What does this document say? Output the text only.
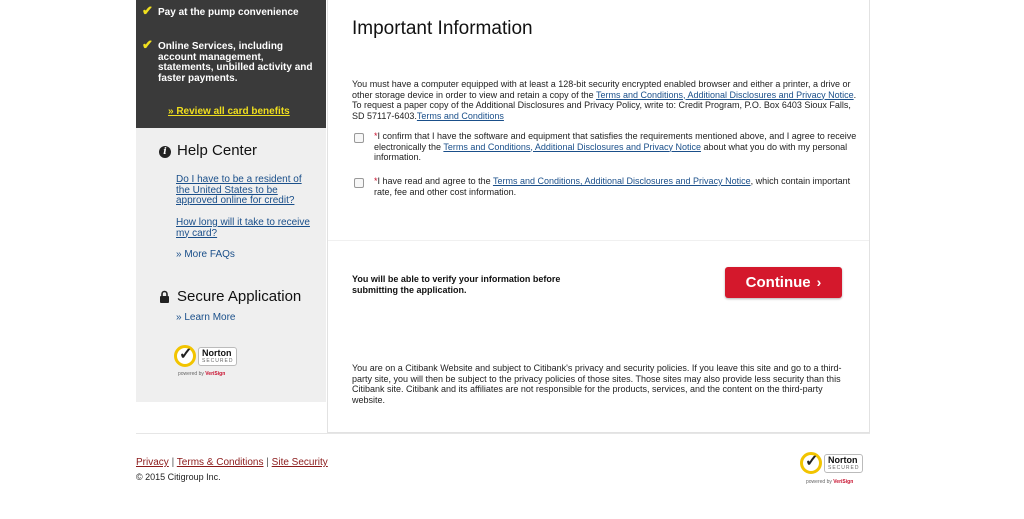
✔ Pay at the pump convenience
✔ Online Services, including account management, statements, unbilled activity and faster payments.
» Review all card benefits
i Help Center
Do I have to be a resident of the United States to be approved online for credit?
How long will it take to receive my card?
» More FAQs
Secure Application
» Learn More
✓ Norton
SECURED
powered by VeriSign
Important Information
You must have a computer equipped with at least a 128-bit security encrypted enabled browser and either a printer, a drive or other storage device in order to view and retain a copy of the Terms and Conditions, Additional Disclosures and Privacy Notice. To request a paper copy of the Additional Disclosures and Privacy Policy, write to: Credit Program, P.O. Box 6403 Sioux Falls, SD 57117-6403.Terms and Conditions
*I confirm that I have the software and equipment that satisfies the requirements mentioned above, and I agree to receive electronically the Terms and Conditions, Additional Disclosures and Privacy Notice about what you do with my personal information.
*I have read and agree to the Terms and Conditions, Additional Disclosures and Privacy Notice, which contain important rate, fee and other cost information.
You will be able to verify your information before submitting the application.	Continue ›
You are on a Citibank Website and subject to Citibank's privacy and security policies. If you leave this site and go to a third-party site, you will then be subject to the privacy policies of those sites. Those sites may also provide less security than this Citibank site. Citibank and its affiliates are not responsible for the products, services, and the content on the third-party website.
Privacy | Terms & Conditions | Site Security
© 2015 Citigroup Inc.
✓ Norton
SECURED
powered by VeriSign
